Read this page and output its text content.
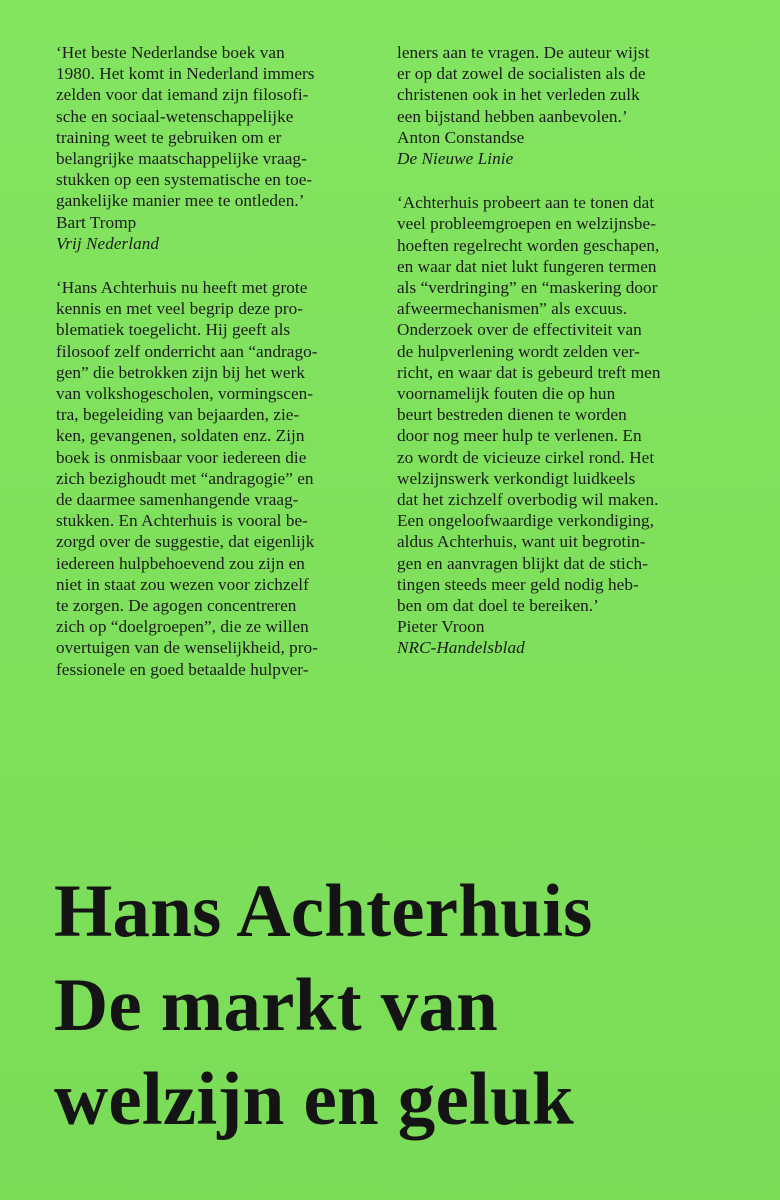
‘Het beste Nederlandse boek van
1980. Het komt in Nederland immers
zelden voor dat iemand zijn filosofi-
sche en sociaal-wetenschappelijke
training weet te gebruiken om er
belangrijke maatschappelijke vraag-
stukken op een systematische en toe-
gankelijke manier mee te ontleden.’
Bart Tromp
Vrij Nederland
‘Hans Achterhuis nu heeft met grote
kennis en met veel begrip deze pro-
blematiek toegelicht. Hij geeft als
filosoof zelf onderricht aan “andrago-
gen” die betrokken zijn bij het werk
van volkshogescholen, vormingscen-
tra, begeleiding van bejaarden, zie-
ken, gevangenen, soldaten enz. Zijn
boek is onmisbaar voor iedereen die
zich bezighoudt met “andragogie” en
de daarmee samenhangende vraag-
stukken. En Achterhuis is vooral be-
zorgd over de suggestie, dat eigenlijk
iedereen hulpbehoevend zou zijn en
niet in staat zou wezen voor zichzelf
te zorgen. De agogen concentreren
zich op “doelgroepen”, die ze willen
overtuigen van de wenselijkheid, pro-
fessionele en goed betaalde hulpver-
leners aan te vragen. De auteur wijst
er op dat zowel de socialisten als de
christenen ook in het verleden zulk
een bijstand hebben aanbevolen.’
Anton Constandse
De Nieuwe Linie
‘Achterhuis probeert aan te tonen dat
veel probleemgroepen en welzijnsbe-
hoeften regelrecht worden geschapen,
en waar dat niet lukt fungeren termen
als “verdringing” en “maskering door
afweermechanismen” als excuus.
Onderzoek over de effectiviteit van
de hulpverlening wordt zelden ver-
richt, en waar dat is gebeurd treft men
voornamelijk fouten die op hun
beurt bestreden dienen te worden
door nog meer hulp te verlenen. En
zo wordt de vicieuze cirkel rond. Het
welzijnswerk verkondigt luidkeels
dat het zichzelf overbodig wil maken.
Een ongeloofwaardige verkondiging,
aldus Achterhuis, want uit begrotin-
gen en aanvragen blijkt dat de stich-
tingen steeds meer geld nodig heb-
ben om dat doel te bereiken.’
Pieter Vroon
NRC-Handelsblad
Hans Achterhuis
De markt van
welzijn en geluk
